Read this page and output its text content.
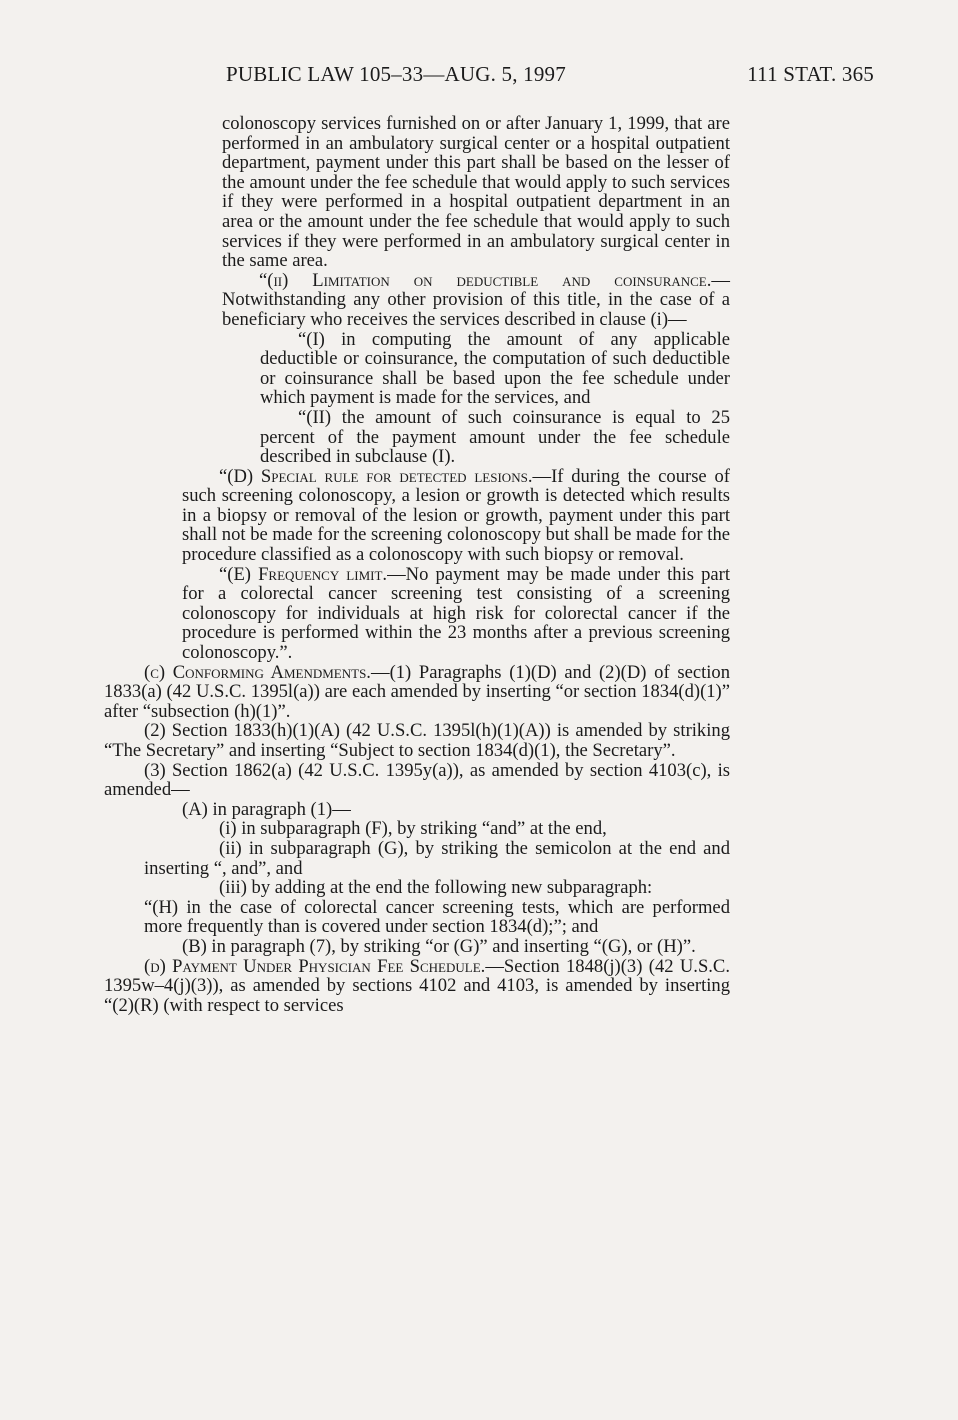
PUBLIC LAW 105–33—AUG. 5, 1997	111 STAT. 365

colonoscopy services furnished on or after January 1, 1999, that are performed in an ambulatory surgical center or a hospital outpatient department, payment under this part shall be based on the lesser of the amount under the fee schedule that would apply to such services if they were performed in a hospital outpatient department in an area or the amount under the fee schedule that would apply to such services if they were performed in an ambulatory surgical center in the same area.

“(ii) Limitation on deductible and coinsurance.—Notwithstanding any other provision of this title, in the case of a beneficiary who receives the services described in clause (i)—

“(I) in computing the amount of any applicable deductible or coinsurance, the computation of such deductible or coinsurance shall be based upon the fee schedule under which payment is made for the services, and

“(II) the amount of such coinsurance is equal to 25 percent of the payment amount under the fee schedule described in subclause (I).

“(D) Special rule for detected lesions.—If during the course of such screening colonoscopy, a lesion or growth is detected which results in a biopsy or removal of the lesion or growth, payment under this part shall not be made for the screening colonoscopy but shall be made for the procedure classified as a colonoscopy with such biopsy or removal.

“(E) Frequency limit.—No payment may be made under this part for a colorectal cancer screening test consisting of a screening colonoscopy for individuals at high risk for colorectal cancer if the procedure is performed within the 23 months after a previous screening colonoscopy.”.

(c) Conforming Amendments.—(1) Paragraphs (1)(D) and (2)(D) of section 1833(a) (42 U.S.C. 1395l(a)) are each amended by inserting “or section 1834(d)(1)” after “subsection (h)(1)”.

(2) Section 1833(h)(1)(A) (42 U.S.C. 1395l(h)(1)(A)) is amended by striking “The Secretary” and inserting “Subject to section 1834(d)(1), the Secretary”.

(3) Section 1862(a) (42 U.S.C. 1395y(a)), as amended by section 4103(c), is amended—

(A) in paragraph (1)—

(i) in subparagraph (F), by striking “and” at the end,

(ii) in subparagraph (G), by striking the semicolon at the end and inserting “, and”, and

(iii) by adding at the end the following new subparagraph:

“(H) in the case of colorectal cancer screening tests, which are performed more frequently than is covered under section 1834(d);”; and

(B) in paragraph (7), by striking “or (G)” and inserting “(G), or (H)”.

(d) Payment Under Physician Fee Schedule.—Section 1848(j)(3) (42 U.S.C. 1395w–4(j)(3)), as amended by sections 4102 and 4103, is amended by inserting “(2)(R) (with respect to services
